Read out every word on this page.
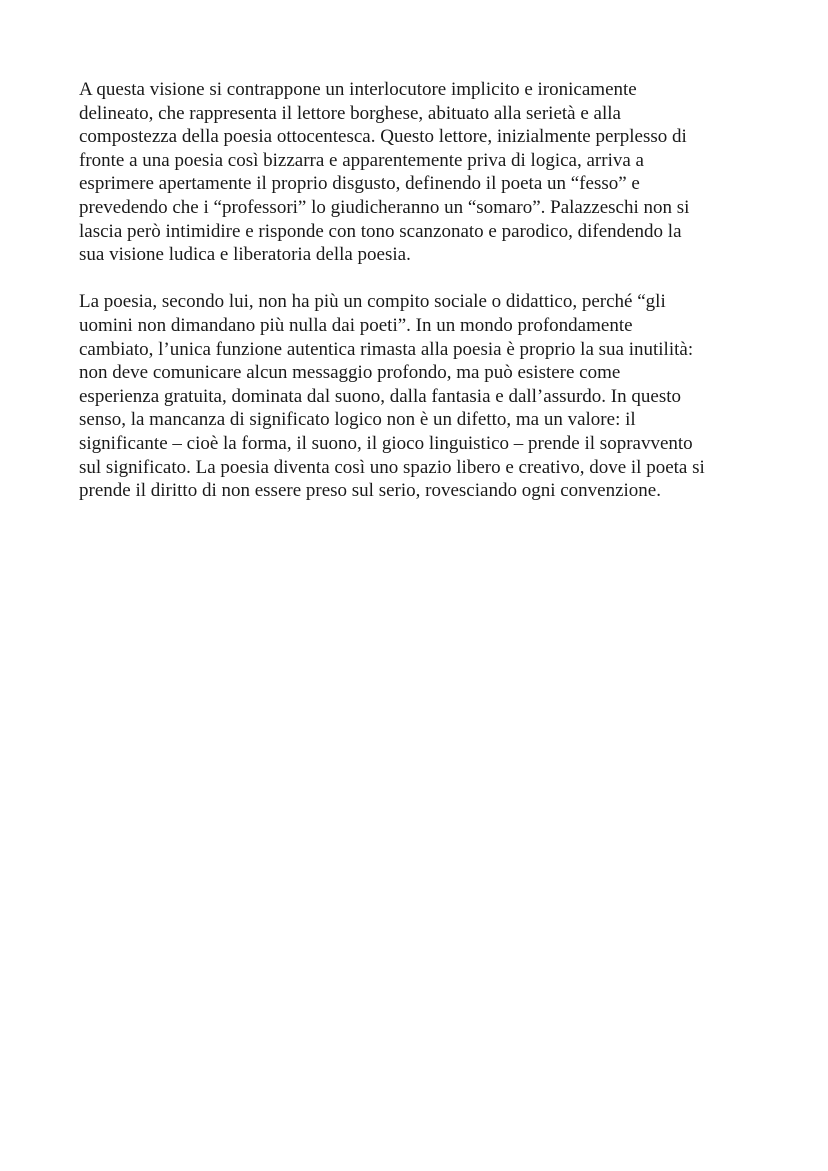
A questa visione si contrappone un interlocutore implicito e ironicamente
delineato, che rappresenta il lettore borghese, abituato alla serietà e alla
compostezza della poesia ottocentesca. Questo lettore, inizialmente perplesso di
fronte a una poesia così bizzarra e apparentemente priva di logica, arriva a
esprimere apertamente il proprio disgusto, definendo il poeta un “fesso” e
prevedendo che i “professori” lo giudicheranno un “somaro”. Palazzeschi non si
lascia però intimidire e risponde con tono scanzonato e parodico, difendendo la
sua visione ludica e liberatoria della poesia.

La poesia, secondo lui, non ha più un compito sociale o didattico, perché “gli
uomini non dimandano più nulla dai poeti”. In un mondo profondamente
cambiato, l’unica funzione autentica rimasta alla poesia è proprio la sua inutilità:
non deve comunicare alcun messaggio profondo, ma può esistere come
esperienza gratuita, dominata dal suono, dalla fantasia e dall’assurdo. In questo
senso, la mancanza di significato logico non è un difetto, ma un valore: il
significante – cioè la forma, il suono, il gioco linguistico – prende il sopravvento
sul significato. La poesia diventa così uno spazio libero e creativo, dove il poeta si
prende il diritto di non essere preso sul serio, rovesciando ogni convenzione.
